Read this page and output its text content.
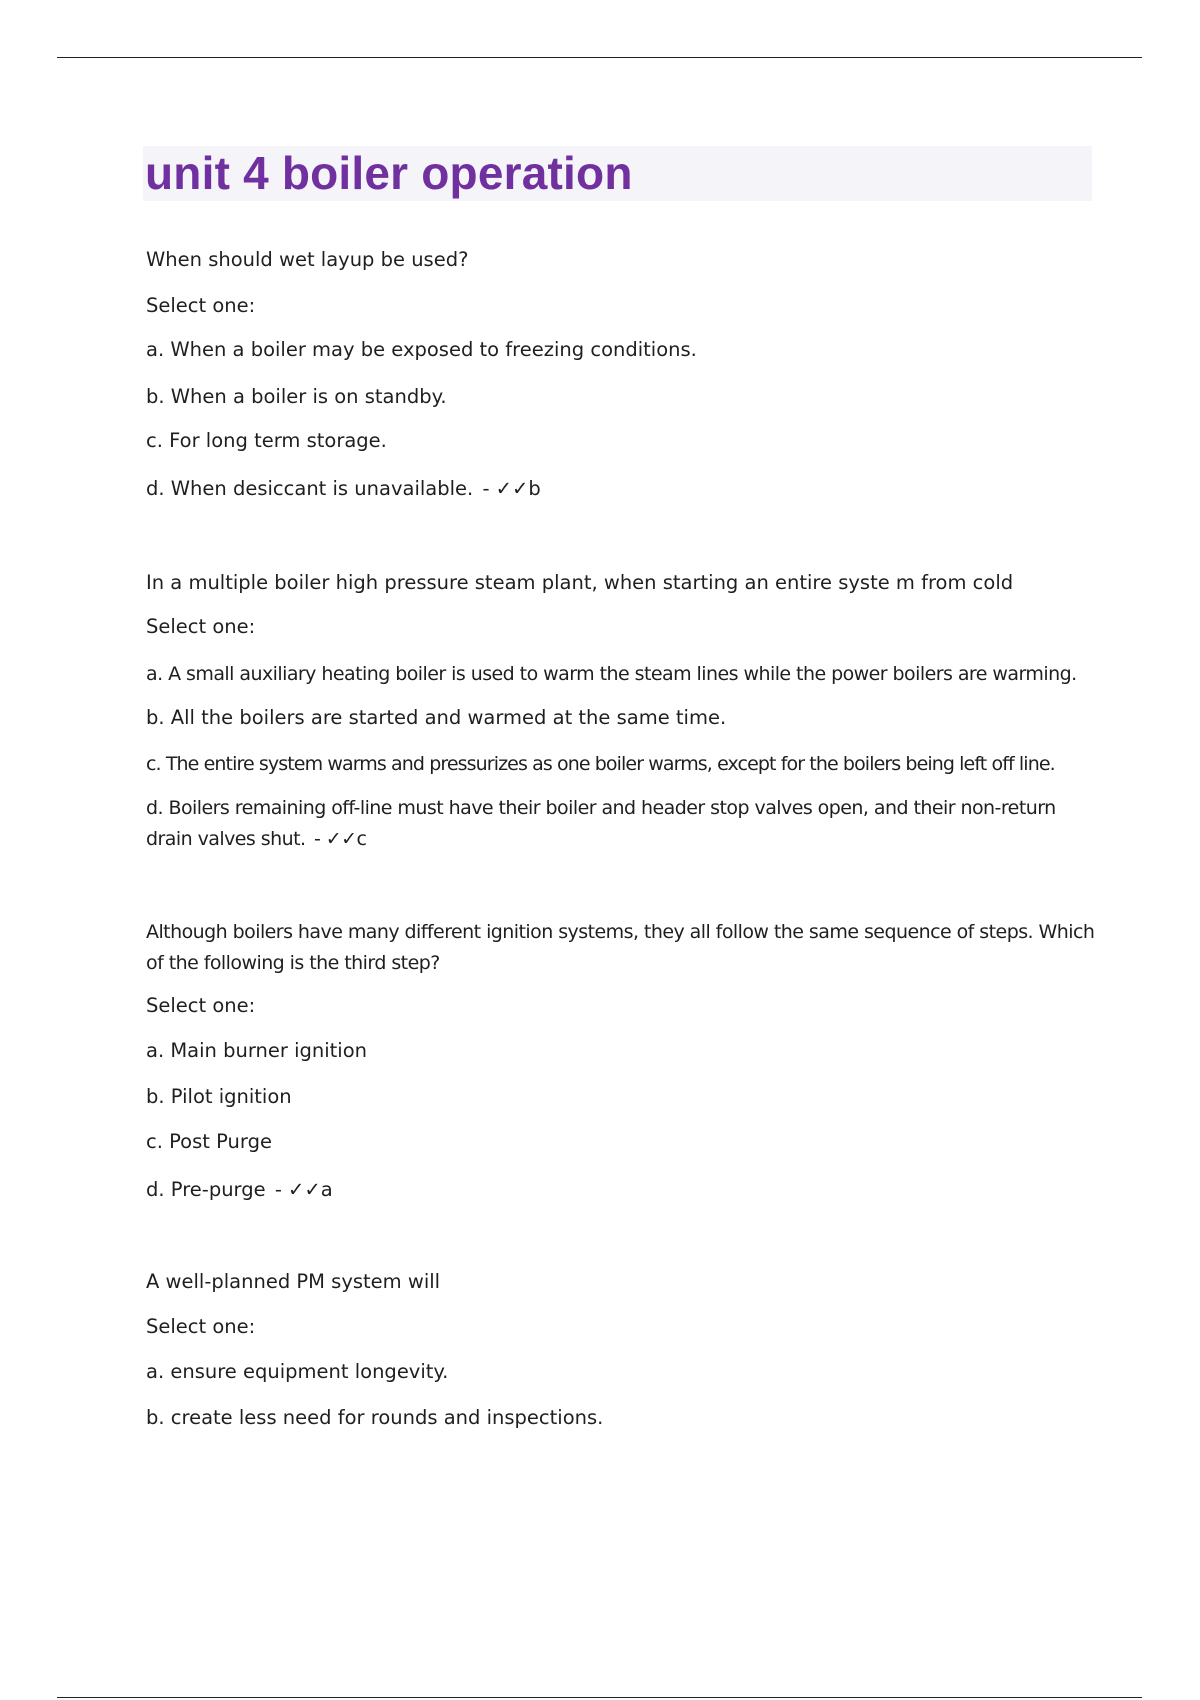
unit 4 boiler operation
When should wet layup be used?
Select one:
a. When a boiler may be exposed to freezing conditions.
b. When a boiler is on standby.
c. For long term storage.
d. When desiccant is unavailable. - ✓✓b
In a multiple boiler high pressure steam plant, when starting an entire syste m from cold
Select one:
a. A small auxiliary heating boiler is used to warm the steam lines while the power boilers are warming.
b. All the boilers are started and warmed at the same time.
c. The entire system warms and pressurizes as one boiler warms, except for the boilers being left off line.
d. Boilers remaining off-line must have their boiler and header stop valves open, and their non-return drain valves shut. - ✓✓c
Although boilers have many different ignition systems, they all follow the same sequence of steps. Which of the following is the third step?
Select one:
a. Main burner ignition
b. Pilot ignition
c. Post Purge
d. Pre-purge - ✓✓a
A well-planned PM system will
Select one:
a. ensure equipment longevity.
b. create less need for rounds and inspections.
